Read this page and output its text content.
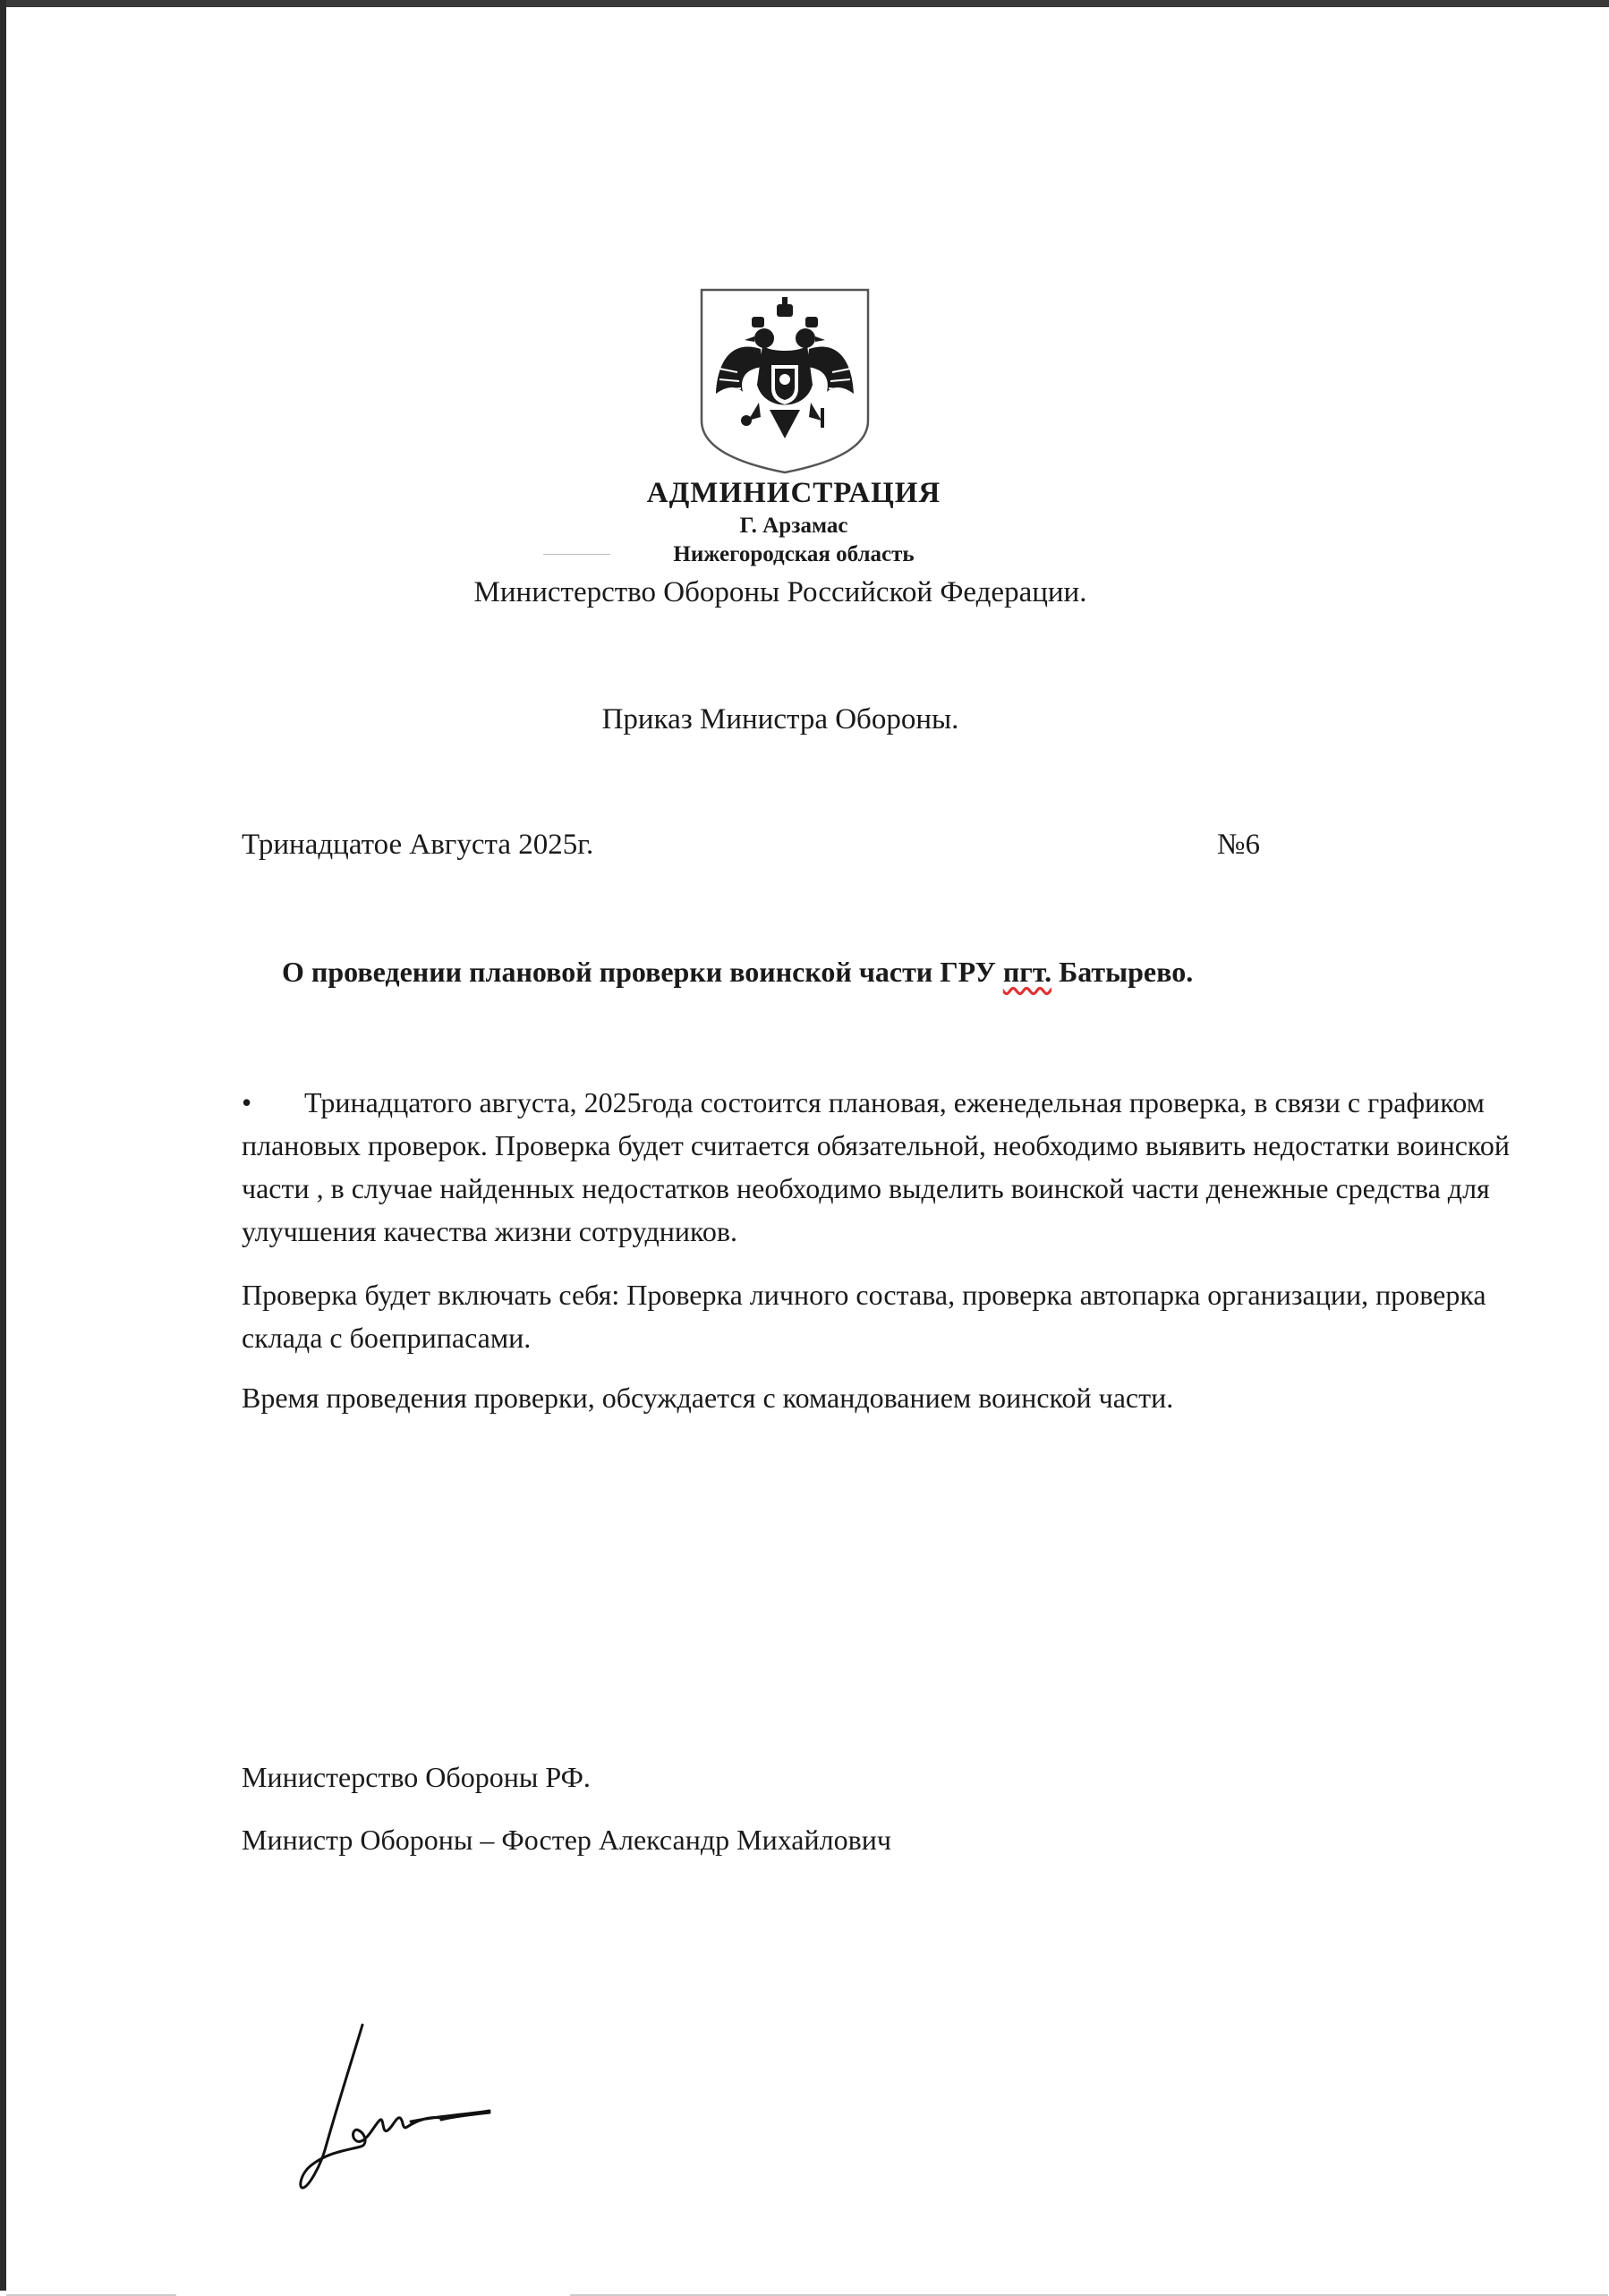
АДМИНИСТРАЦИЯ
Г. Арзамас
Нижегородская область
Министерство Обороны Российской Федерации.
Приказ Министра Обороны.
Тринадцатое Августа 2025г.	№6
О проведении плановой проверки воинской части ГРУ пгт. Батырево.
• Тринадцатого августа, 2025года состоится плановая, еженедельная проверка, в связи с графиком плановых проверок. Проверка будет считается обязательной, необходимо выявить недостатки воинской части , в случае найденных недостатков необходимо выделить воинской части денежные средства для улучшения качества жизни сотрудников.
Проверка будет включать себя: Проверка личного состава, проверка автопарка организации, проверка склада с боеприпасами.
Время проведения проверки, обсуждается с командованием воинской части.
Министерство Обороны РФ.
Министр Обороны – Фостер Александр Михайлович
